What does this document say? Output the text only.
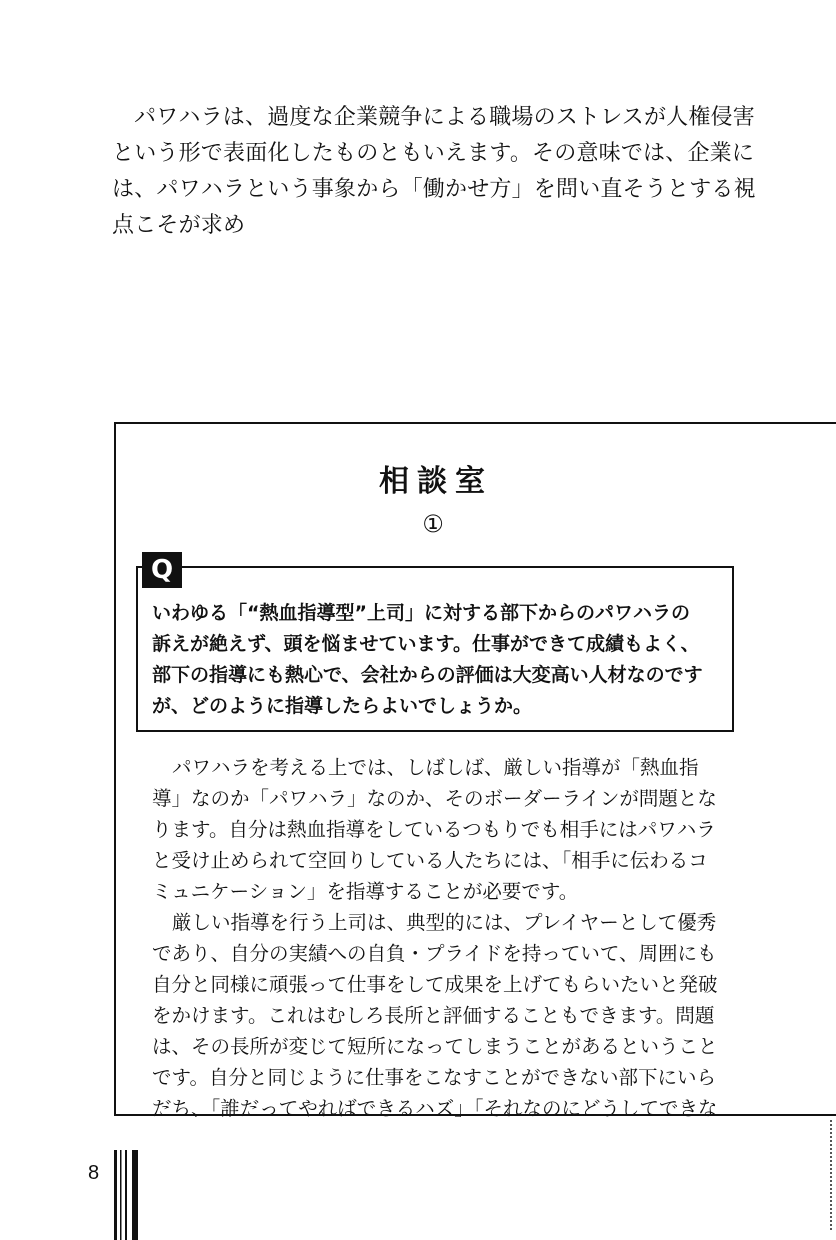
パワハラは、過度な企業競争による職場のストレスが人権侵害という形で表面化したものともいえます。その意味では、企業には、パワハラという事象から「働かせ方」を問い直そうとする視点こそが求め

相談室
①
Q

いわゆる「“熱血指導型”上司」に対する部下からのパワハラの

訴えが絶えず、頭を悩ませています。仕事ができて成績もよく、

部下の指導にも熱心で、会社からの評価は大変高い人材なのです

が、どのように指導したらよいでしょうか。

パワハラを考える上では、しばしば、厳しい指導が「熱血指導」なのか「パワハラ」なのか、そのボーダーラインが問題となります。自分は熱血指導をしているつもりでも相手にはパワハラと受け止められて空回りしている人たちには、「相手に伝わるコミュニケーション」を指導することが必要です。

厳しい指導を行う上司は、典型的には、プレイヤーとして優秀であり、自分の実績への自負・プライドを持っていて、周囲にも自分と同様に頑張って仕事をして成果を上げてもらいたいと発破をかけます。これはむしろ長所と評価することもできます。問題は、その長所が変じて短所になってしまうことがあるということです。自分と同じように仕事をこなすことができない部下にいらだち、「誰だってやればできるハズ」「それなのにどうしてできな

8
